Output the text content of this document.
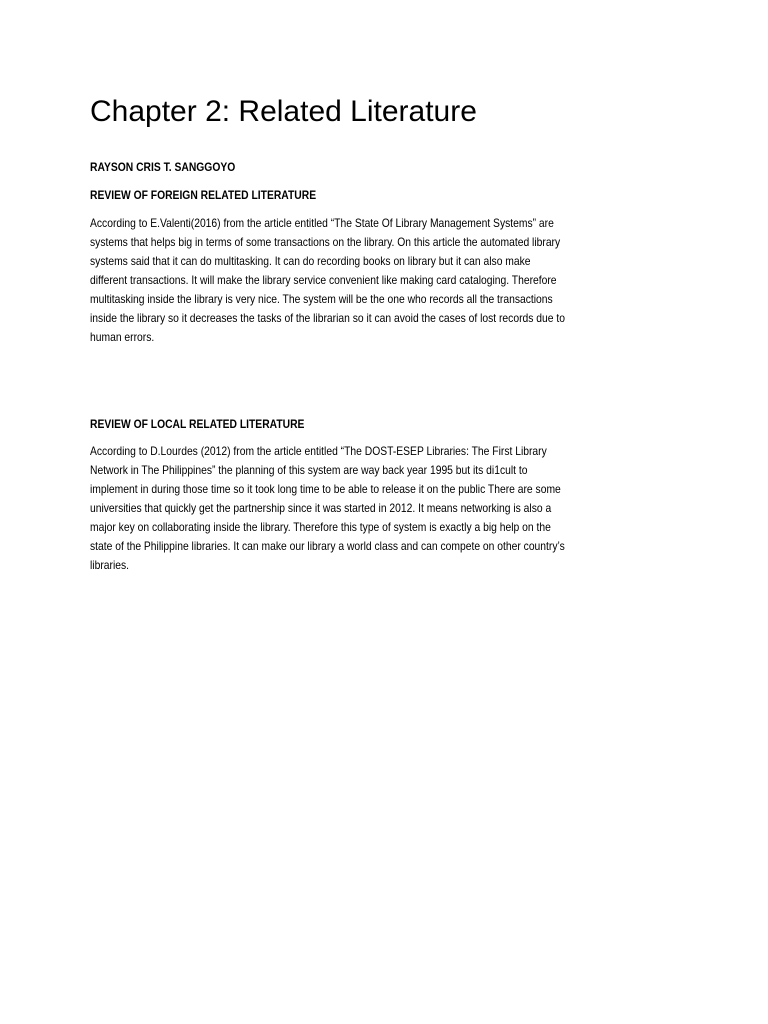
Chapter 2: Related Literature

RAYSON CRIS T. SANGGOYO

REVIEW OF FOREIGN RELATED LITERATURE

According to E.Valenti(2016) from the article entitled “The State Of Library Management Systems” are
systems that helps big in terms of some transactions on the library. On this article the automated library
systems said that it can do multitasking. It can do recording books on library but it can also make
different transactions. It will make the library service convenient like making card cataloging. Therefore
multitasking inside the library is very nice. The system will be the one who records all the transactions
inside the library so it decreases the tasks of the librarian so it can avoid the cases of lost records due to
human errors.

REVIEW OF LOCAL RELATED LITERATURE

According to D.Lourdes (2012) from the article entitled “The DOST-ESEP Libraries: The First Library
Network in The Philippines” the planning of this system are way back year 1995 but its di1cult to
implement in during those time so it took long time to be able to release it on the public There are some
universities that quickly get the partnership since it was started in 2012. It means networking is also a
major key on collaborating inside the library. Therefore this type of system is exactly a big help on the
state of the Philippine libraries. It can make our library a world class and can compete on other country’s
libraries.
